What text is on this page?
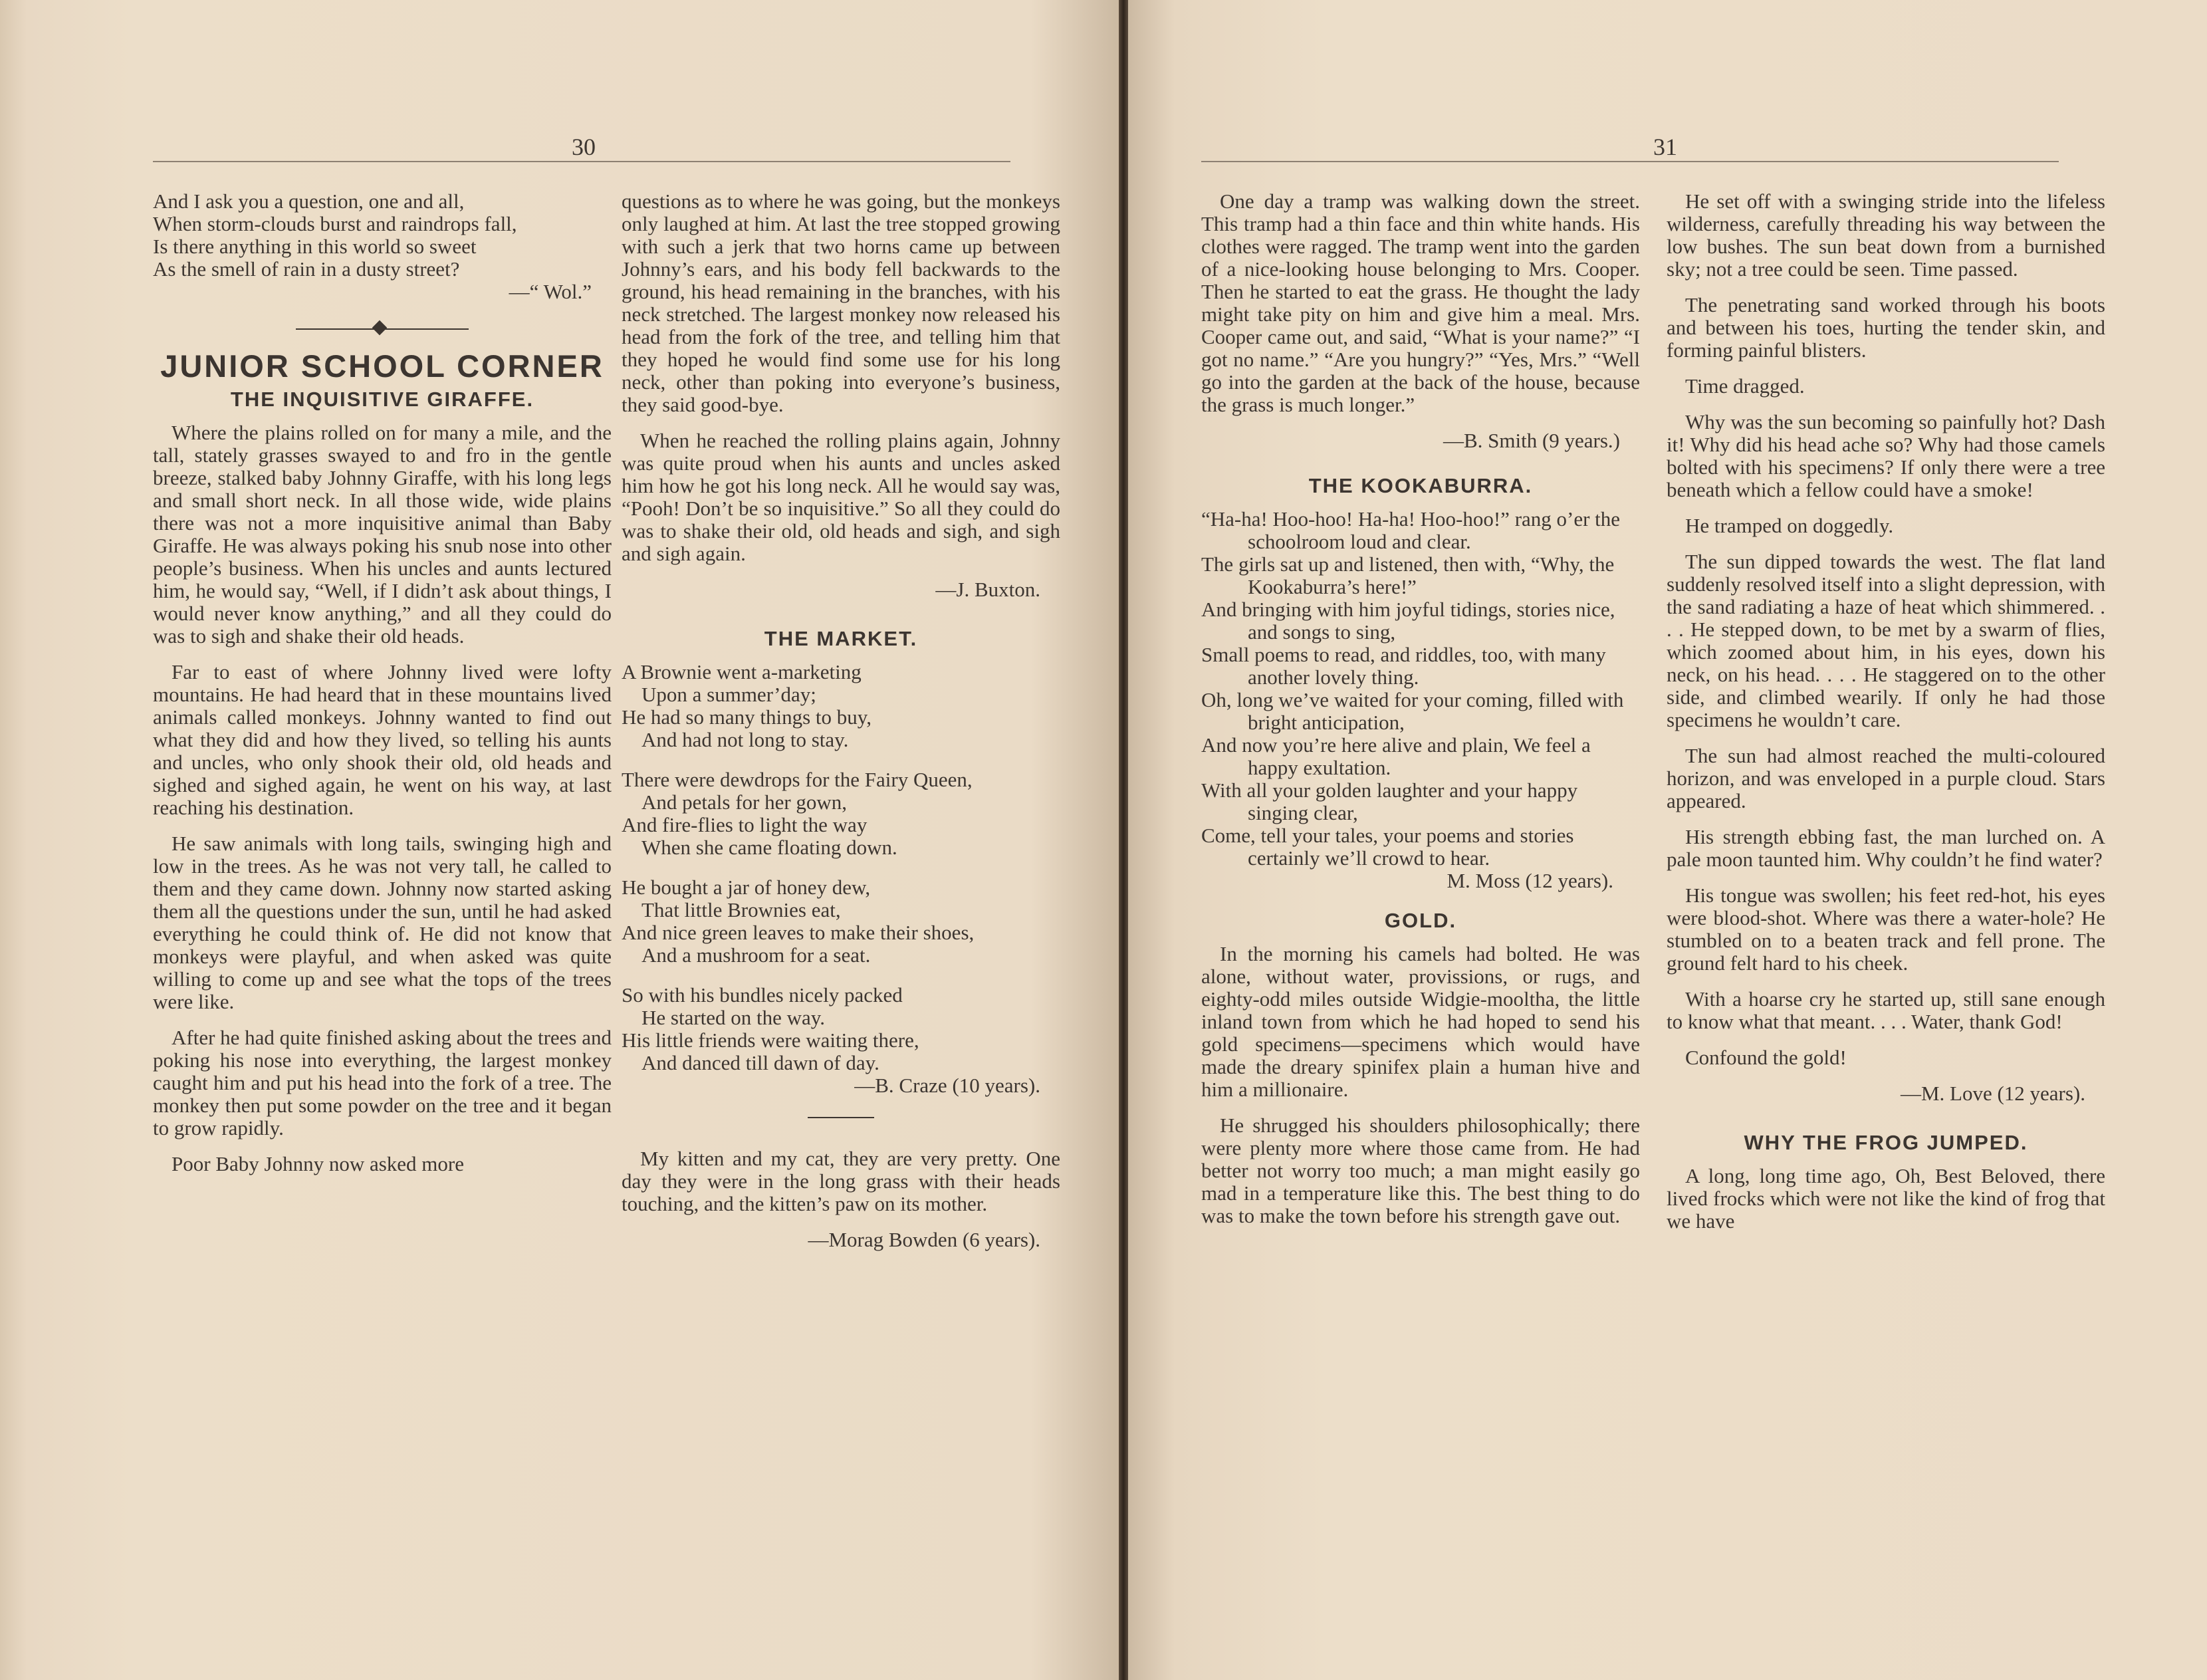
30
And I ask you a question, one and all,
When storm-clouds burst and raindrops fall,
Is there anything in this world so sweet
As the smell of rain in a dusty street?
—“ Wol.”
JUNIOR SCHOOL CORNER
THE INQUISITIVE GIRAFFE.

Where the plains rolled on for many a mile, and the tall, stately grasses swayed to and fro in the gentle breeze, stalked baby Johnny Giraffe, with his long legs and small short neck. In all those wide, wide plains there was not a more inquisitive animal than Baby Giraffe. He was always poking his snub nose into other people’s business. When his uncles and aunts lectured him, he would say, “Well, if I didn’t ask about things, I would never know anything,” and all they could do was to sigh and shake their old heads.

Far to east of where Johnny lived were lofty mountains. He had heard that in these mountains lived animals called monkeys. Johnny wanted to find out what they did and how they lived, so telling his aunts and uncles, who only shook their old, old heads and sighed and sighed again, he went on his way, at last reaching his destination.

He saw animals with long tails, swinging high and low in the trees. As he was not very tall, he called to them and they came down. Johnny now started asking them all the questions under the sun, until he had asked everything he could think of. He did not know that monkeys were playful, and when asked was quite willing to come up and see what the tops of the trees were like.

After he had quite finished asking about the trees and poking his nose into everything, the largest monkey caught him and put his head into the fork of a tree. The monkey then put some powder on the tree and it began to grow rapidly.

Poor Baby Johnny now asked more

questions as to where he was going, but the monkeys only laughed at him. At last the tree stopped growing with such a jerk that two horns came up between Johnny’s ears, and his body fell backwards to the ground, his head remaining in the branches, with his neck stretched. The largest monkey now released his head from the fork of the tree, and telling him that they hoped he would find some use for his long neck, other than poking into everyone’s business, they said good-bye.

When he reached the rolling plains again, Johnny was quite proud when his aunts and uncles asked him how he got his long neck. All he would say was, “Pooh! Don’t be so inquisitive.” So all they could do was to shake their old, old heads and sigh, and sigh and sigh again.

—J. Buxton.
THE MARKET.
A Brownie went a-marketing
Upon a summer’day;
He had so many things to buy,
And had not long to stay.
There were dewdrops for the Fairy Queen,
And petals for her gown,
And fire-flies to light the way
When she came floating down.
He bought a jar of honey dew,
That little Brownies eat,
And nice green leaves to make their shoes,
And a mushroom for a seat.
So with his bundles nicely packed
He started on the way.
His little friends were waiting there,
And danced till dawn of day.
—B. Craze (10 years).

My kitten and my cat, they are very pretty. One day they were in the long grass with their heads touching, and the kitten’s paw on its mother.

—Morag Bowden (6 years).
31

One day a tramp was walking down the street. This tramp had a thin face and thin white hands. His clothes were ragged. The tramp went into the garden of a nice-looking house belonging to Mrs. Cooper. Then he started to eat the grass. He thought the lady might take pity on him and give him a meal. Mrs. Cooper came out, and said, “What is your name?” “I got no name.” “Are you hungry?” “Yes, Mrs.” “Well go into the garden at the back of the house, because the grass is much longer.”

—B. Smith (9 years.)
THE KOOKABURRA.
“Ha-ha! Hoo-hoo! Ha-ha! Hoo-hoo!” rang o’er the schoolroom loud and clear.
The girls sat up and listened, then with, “Why, the Kookaburra’s here!”
And bringing with him joyful tidings, stories nice, and songs to sing,
Small poems to read, and riddles, too, with many another lovely thing.
Oh, long we’ve waited for your coming, filled with bright anticipation,
And now you’re here alive and plain, We feel a happy exultation.
With all your golden laughter and your happy singing clear,
Come, tell your tales, your poems and stories certainly we’ll crowd to hear.
M. Moss (12 years).
GOLD.

In the morning his camels had bolted. He was alone, without water, provissions, or rugs, and eighty-odd miles outside Widgie-mooltha, the little inland town from which he had hoped to send his gold specimens—specimens which would have made the dreary spinifex plain a human hive and him a millionaire.

He shrugged his shoulders philosophically; there were plenty more where those came from. He had better not worry too much; a man might easily go mad in a temperature like this. The best thing to do was to make the town before his strength gave out.

He set off with a swinging stride into the lifeless wilderness, carefully threading his way between the low bushes. The sun beat down from a burnished sky; not a tree could be seen. Time passed.

The penetrating sand worked through his boots and between his toes, hurting the tender skin, and forming painful blisters.

Time dragged.

Why was the sun becoming so painfully hot? Dash it! Why did his head ache so? Why had those camels bolted with his specimens? If only there were a tree beneath which a fellow could have a smoke!

He tramped on doggedly.

The sun dipped towards the west. The flat land suddenly resolved itself into a slight depression, with the sand radiating a haze of heat which shimmered. . . . He stepped down, to be met by a swarm of flies, which zoomed about him, in his eyes, down his neck, on his head. . . . He staggered on to the other side, and climbed wearily. If only he had those specimens he wouldn’t care.

The sun had almost reached the multi-coloured horizon, and was enveloped in a purple cloud. Stars appeared.

His strength ebbing fast, the man lurched on. A pale moon taunted him. Why couldn’t he find water?

His tongue was swollen; his feet red-hot, his eyes were blood-shot. Where was there a water-hole? He stumbled on to a beaten track and fell prone. The ground felt hard to his cheek.

With a hoarse cry he started up, still sane enough to know what that meant. . . . Water, thank God!

Confound the gold!

—M. Love (12 years).
WHY THE FROG JUMPED.

A long, long time ago, Oh, Best Beloved, there lived frocks which were not like the kind of frog that we have
